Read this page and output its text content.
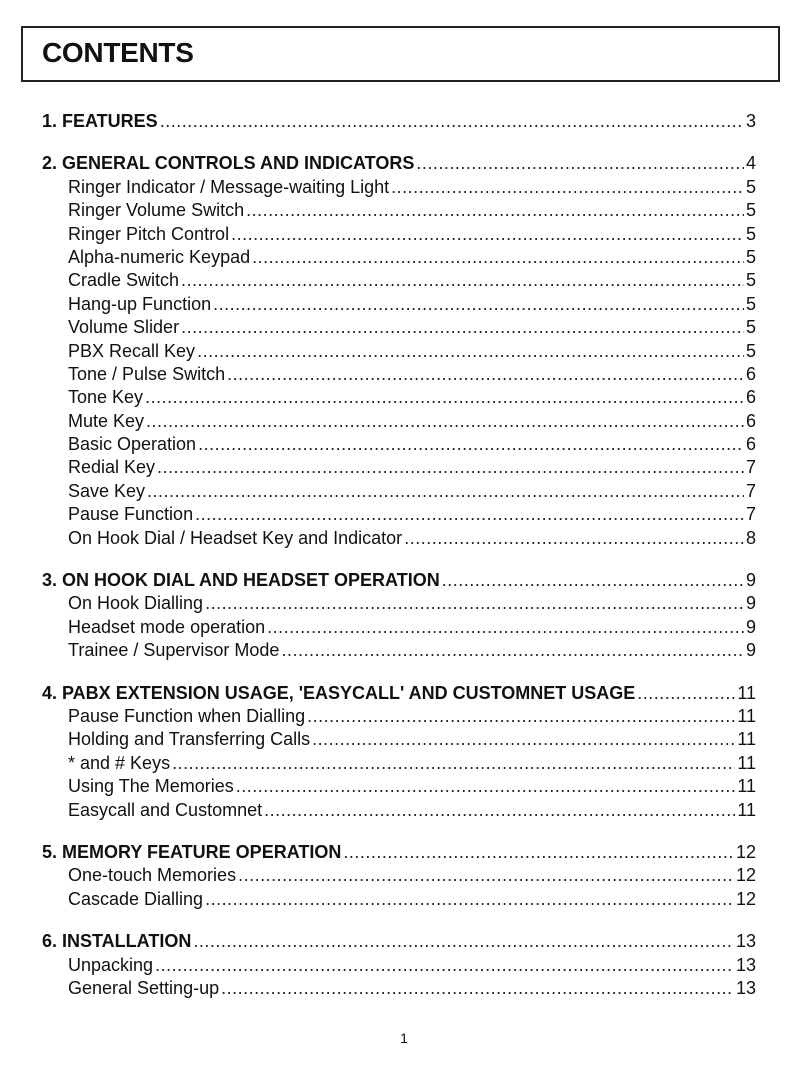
CONTENTS
1. FEATURES .....	3
2. GENERAL CONTROLS AND INDICATORS .....	4
Ringer Indicator / Message-waiting Light .....	5
Ringer Volume Switch .....	5
Ringer Pitch Control .....	5
Alpha-numeric Keypad .....	5
Cradle Switch .....	5
Hang-up Function .....	5
Volume Slider .....	5
PBX Recall Key .....	5
Tone / Pulse Switch .....	6
Tone Key .....	6
Mute Key .....	6
Basic Operation .....	6
Redial Key .....	7
Save Key .....	7
Pause Function .....	7
On Hook Dial / Headset Key and Indicator .....	8
3. ON HOOK DIAL AND HEADSET OPERATION .....	9
On Hook Dialling .....	9
Headset mode operation .....	9
Trainee / Supervisor Mode .....	9
4. PABX EXTENSION USAGE, 'EASYCALL' AND CUSTOMNET USAGE .....	11
Pause Function when Dialling .....	11
Holding and Transferring Calls .....	11
* and # Keys .....	11
Using The Memories .....	11
Easycall and Customnet .....	11
5. MEMORY FEATURE OPERATION .....	12
One-touch Memories .....	12
Cascade Dialling .....	12
6. INSTALLATION .....	13
Unpacking .....	13
General Setting-up .....	13
1
